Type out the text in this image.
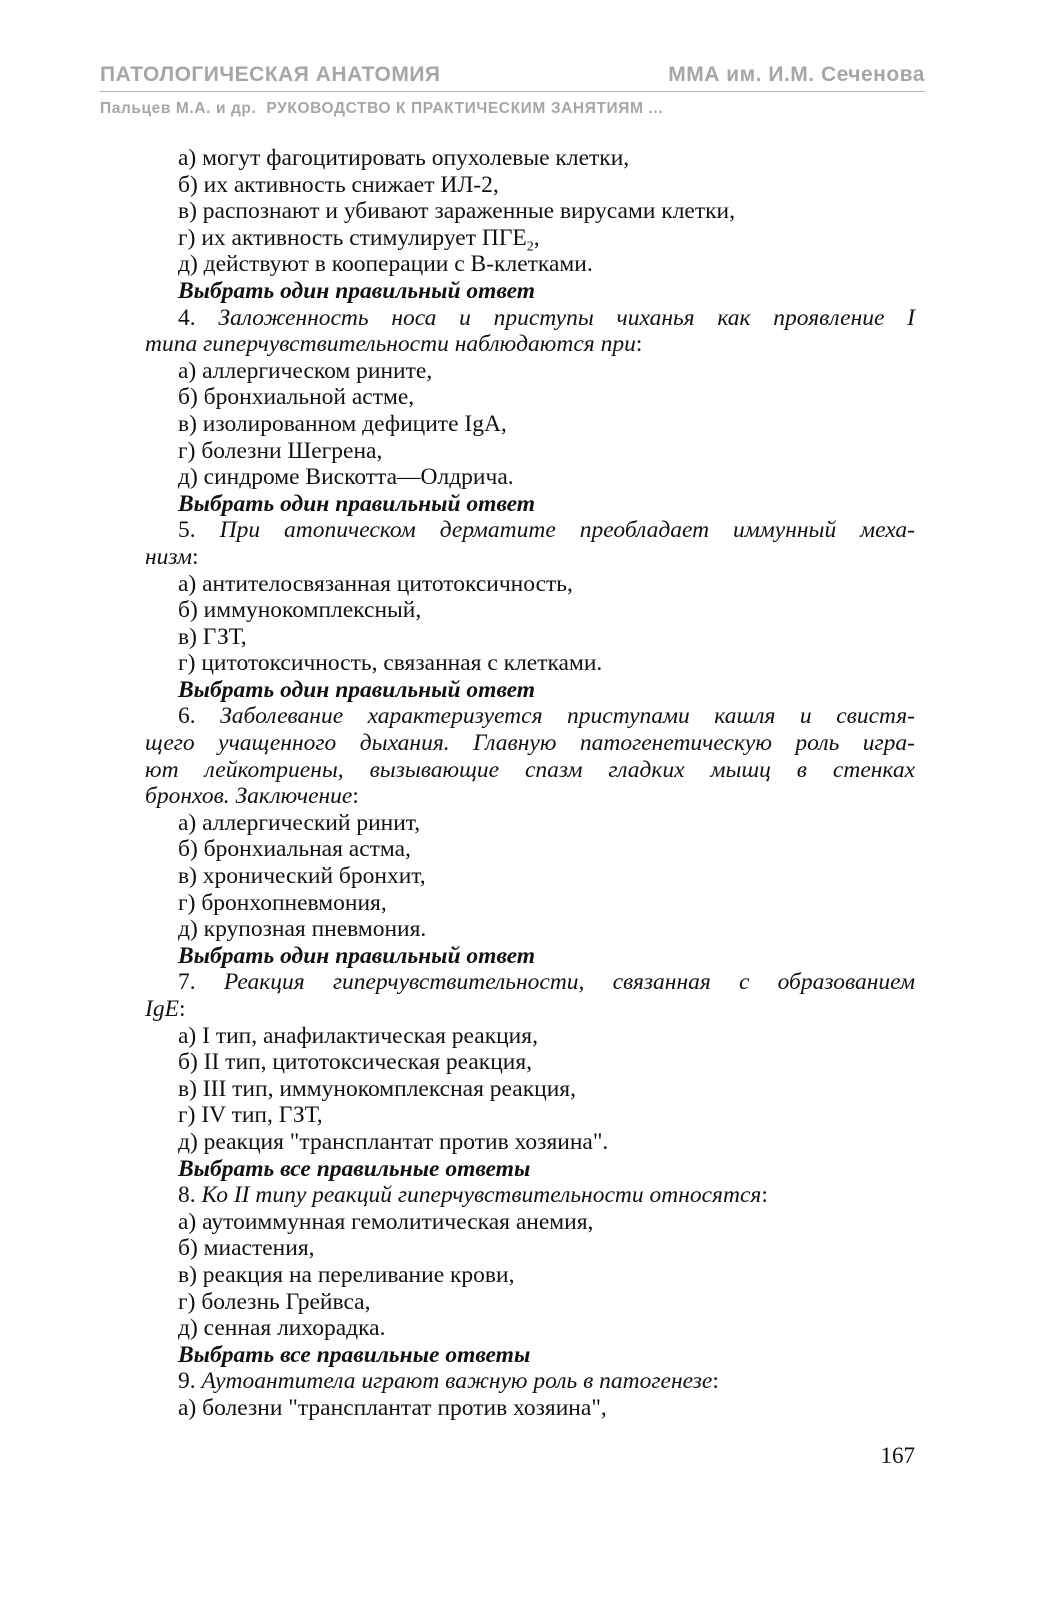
ПАТОЛОГИЧЕСКАЯ АНАТОМИЯ	ММА им. И.М. Сеченова
Пальцев М.А. и др. РУКОВОДСТВО К ПРАКТИЧЕСКИМ ЗАНЯТИЯМ ...
а) могут фагоцитировать опухолевые клетки,
б) их активность снижает ИЛ-2,
в) распознают и убивают зараженные вирусами клетки,
г) их активность стимулирует $ПГЕ_2$,
д) действуют в кооперации с В-клетками.
Выбрать один правильный ответ
4. Заложенность носа и приступы чиханья как проявление I
типа гиперчувствительности наблюдаются при:
а) аллергическом рините,
б) бронхиальной астме,
в) изолированном дефиците IgA,
г) болезни Шегрена,
д) синдроме Вискотта—Олдрича.
Выбрать один правильный ответ
5. При атопическом дерматите преобладает иммунный меха-
низм:
а) антителосвязанная цитотоксичность,
б) иммунокомплексный,
в) ГЗТ,
г) цитотоксичность, связанная с клетками.
Выбрать один правильный ответ
6. Заболевание характеризуется приступами кашля и свистя-
щего учащенного дыхания. Главную патогенетическую роль игра-
ют лейкотриены, вызывающие спазм гладких мышц в стенках
бронхов. Заключение:
а) аллергический ринит,
б) бронхиальная астма,
в) хронический бронхит,
г) бронхопневмония,
д) крупозная пневмония.
Выбрать один правильный ответ
7. Реакция гиперчувствительности, связанная с образованием
IgE:
а) I тип, анафилактическая реакция,
б) II тип, цитотоксическая реакция,
в) III тип, иммунокомплексная реакция,
г) IV тип, ГЗТ,
д) реакция "трансплантат против хозяина".
Выбрать все правильные ответы
8. Ко II типу реакций гиперчувствительности относятся:
а) аутоиммунная гемолитическая анемия,
б) миастения,
в) реакция на переливание крови,
г) болезнь Грейвса,
д) сенная лихорадка.
Выбрать все правильные ответы
9. Аутоантитела играют важную роль в патогенезе:
а) болезни "трансплантат против хозяина",
167
